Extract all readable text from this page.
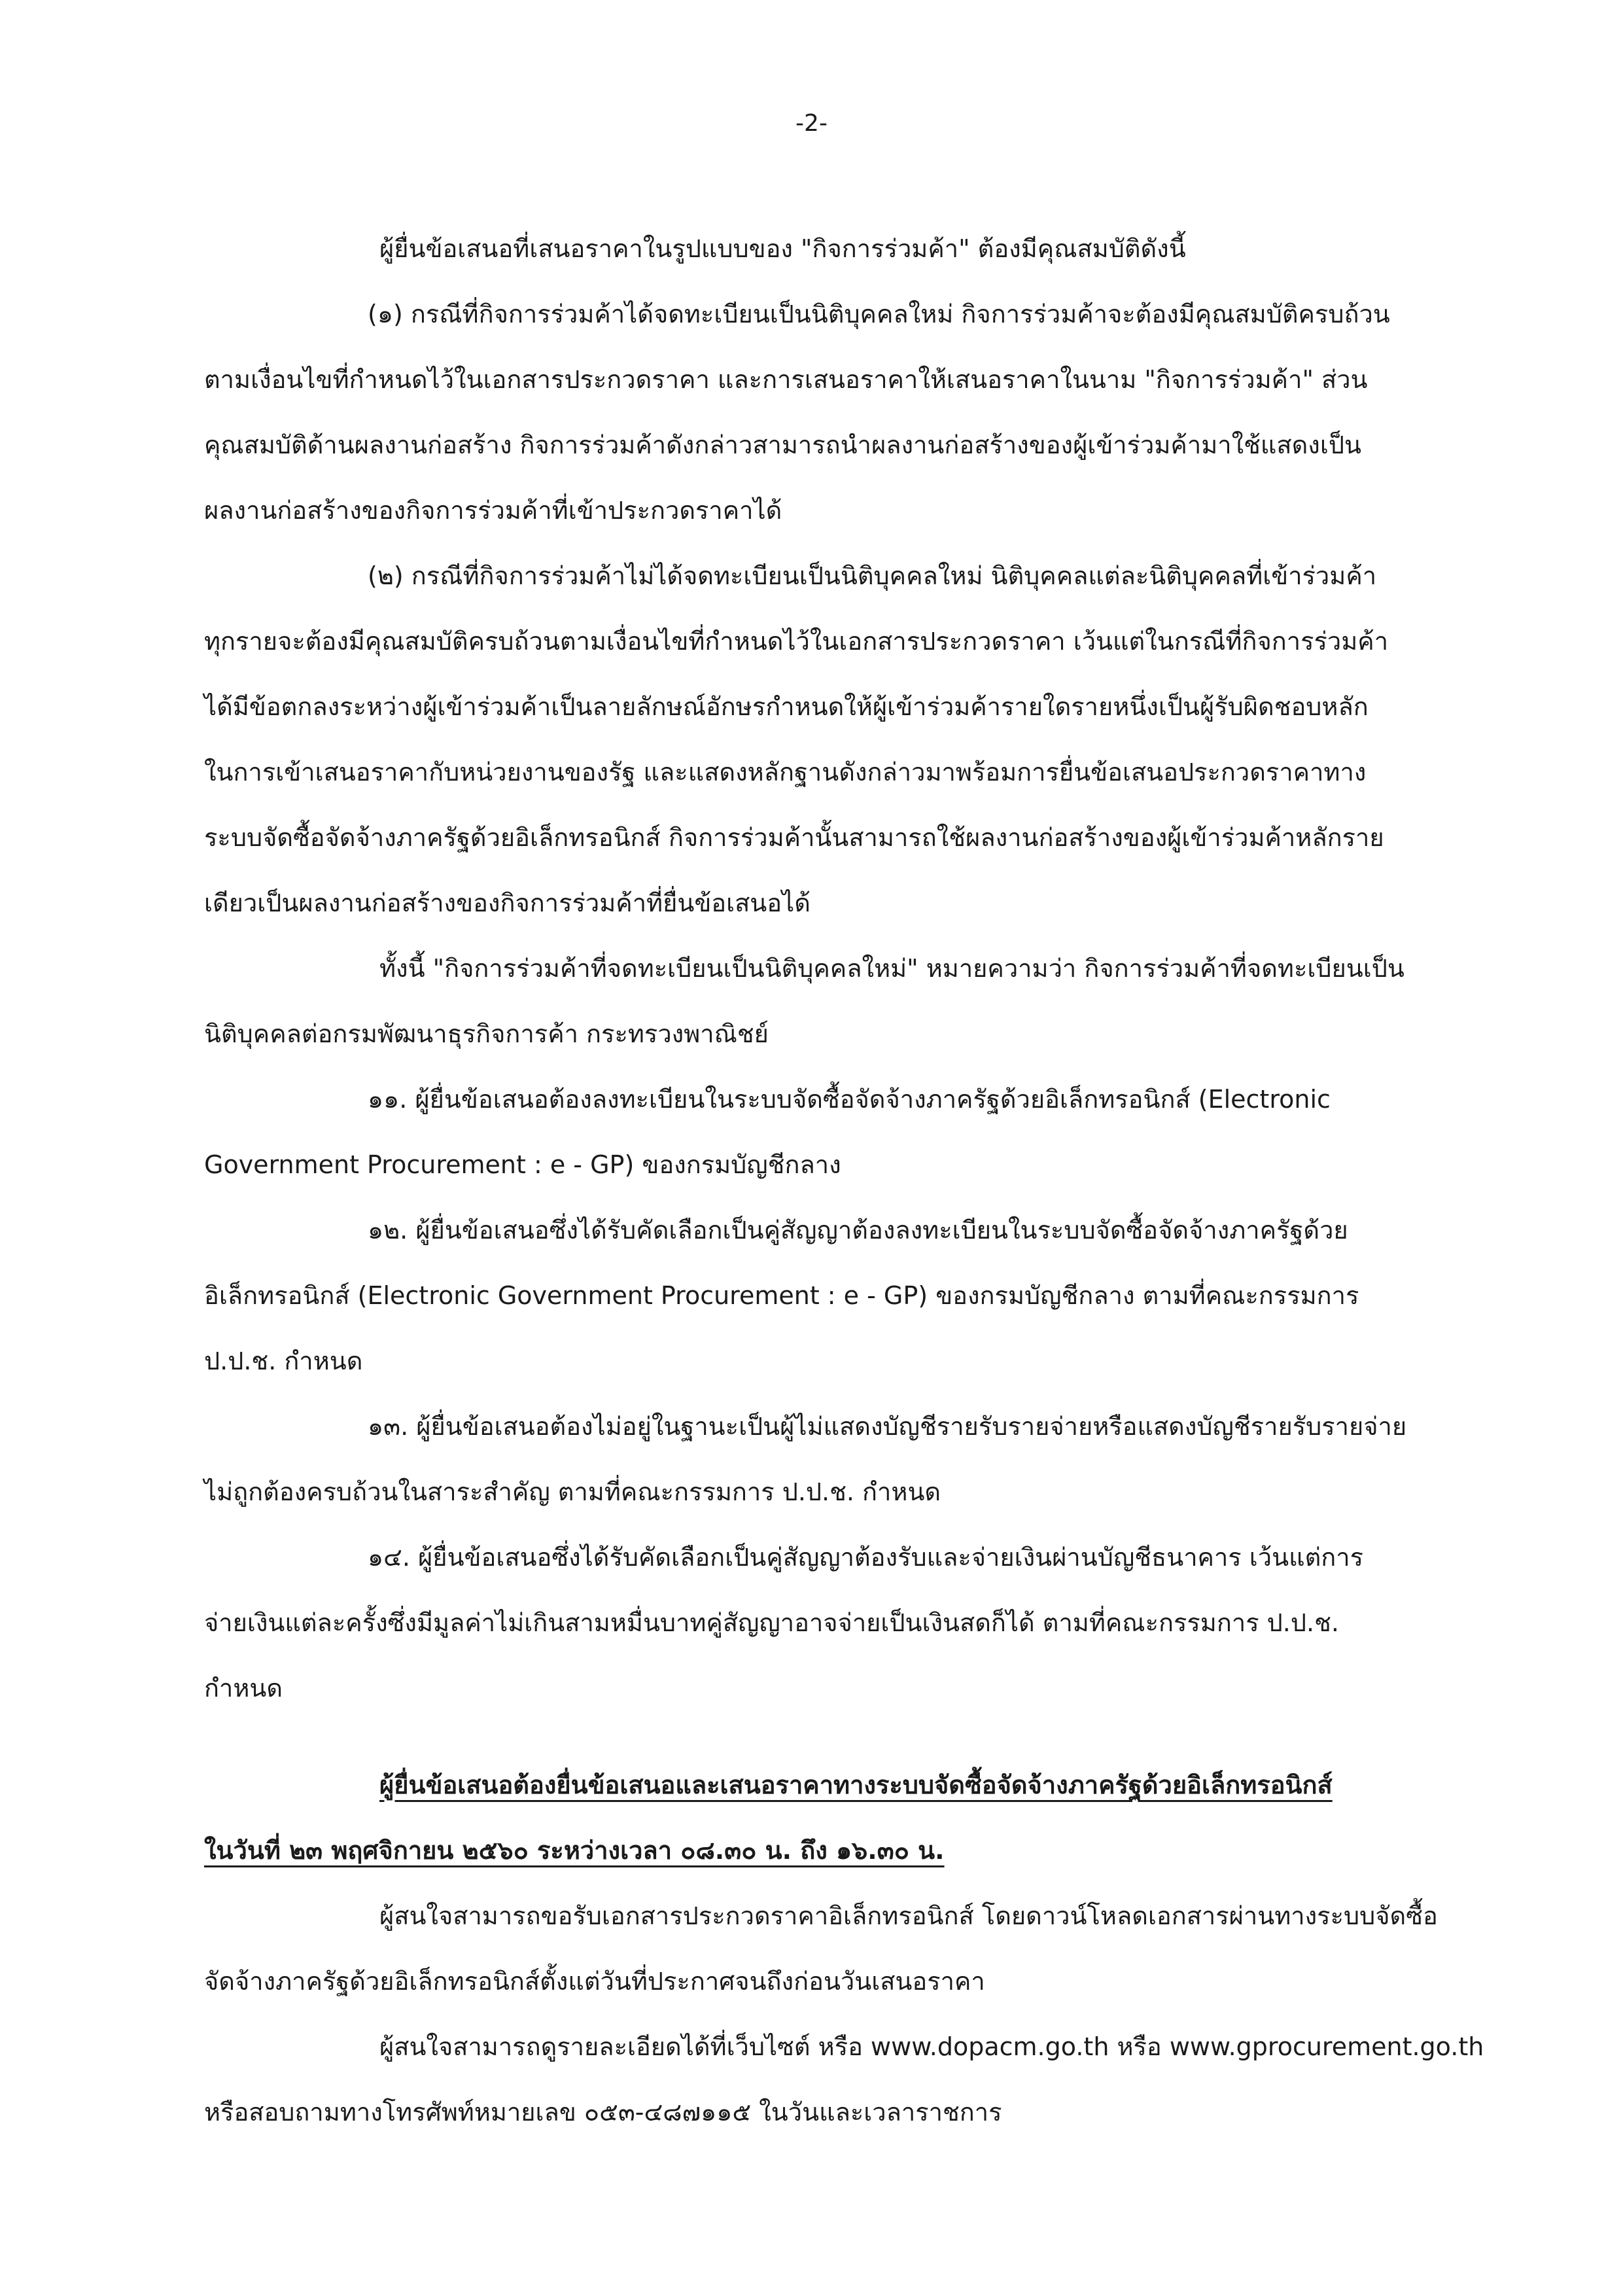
-2-

ผู้ยื่นข้อเสนอที่เสนอราคาในรูปแบบของ "กิจการร่วมค้า" ต้องมีคุณสมบัติดังนี้

(๑) กรณีที่กิจการร่วมค้าได้จดทะเบียนเป็นนิติบุคคลใหม่ กิจการร่วมค้าจะต้องมีคุณสมบัติครบถ้วน

ตามเงื่อนไขที่กำหนดไว้ในเอกสารประกวดราคา และการเสนอราคาให้เสนอราคาในนาม "กิจการร่วมค้า" ส่วน

คุณสมบัติด้านผลงานก่อสร้าง กิจการร่วมค้าดังกล่าวสามารถนำผลงานก่อสร้างของผู้เข้าร่วมค้ามาใช้แสดงเป็น

ผลงานก่อสร้างของกิจการร่วมค้าที่เข้าประกวดราคาได้

(๒) กรณีที่กิจการร่วมค้าไม่ได้จดทะเบียนเป็นนิติบุคคลใหม่ นิติบุคคลแต่ละนิติบุคคลที่เข้าร่วมค้า

ทุกรายจะต้องมีคุณสมบัติครบถ้วนตามเงื่อนไขที่กำหนดไว้ในเอกสารประกวดราคา เว้นแต่ในกรณีที่กิจการร่วมค้า

ได้มีข้อตกลงระหว่างผู้เข้าร่วมค้าเป็นลายลักษณ์อักษรกำหนดให้ผู้เข้าร่วมค้ารายใดรายหนึ่งเป็นผู้รับผิดชอบหลัก

ในการเข้าเสนอราคากับหน่วยงานของรัฐ และแสดงหลักฐานดังกล่าวมาพร้อมการยื่นข้อเสนอประกวดราคาทาง

ระบบจัดซื้อจัดจ้างภาครัฐด้วยอิเล็กทรอนิกส์ กิจการร่วมค้านั้นสามารถใช้ผลงานก่อสร้างของผู้เข้าร่วมค้าหลักราย

เดียวเป็นผลงานก่อสร้างของกิจการร่วมค้าที่ยื่นข้อเสนอได้

ทั้งนี้ "กิจการร่วมค้าที่จดทะเบียนเป็นนิติบุคคลใหม่" หมายความว่า กิจการร่วมค้าที่จดทะเบียนเป็น

นิติบุคคลต่อกรมพัฒนาธุรกิจการค้า กระทรวงพาณิชย์

๑๑. ผู้ยื่นข้อเสนอต้องลงทะเบียนในระบบจัดซื้อจัดจ้างภาครัฐด้วยอิเล็กทรอนิกส์ (Electronic

Government Procurement : e - GP) ของกรมบัญชีกลาง

๑๒. ผู้ยื่นข้อเสนอซึ่งได้รับคัดเลือกเป็นคู่สัญญาต้องลงทะเบียนในระบบจัดซื้อจัดจ้างภาครัฐด้วย

อิเล็กทรอนิกส์ (Electronic Government Procurement : e - GP) ของกรมบัญชีกลาง ตามที่คณะกรรมการ

ป.ป.ช. กำหนด

๑๓. ผู้ยื่นข้อเสนอต้องไม่อยู่ในฐานะเป็นผู้ไม่แสดงบัญชีรายรับรายจ่ายหรือแสดงบัญชีรายรับรายจ่าย

ไม่ถูกต้องครบถ้วนในสาระสำคัญ ตามที่คณะกรรมการ ป.ป.ช. กำหนด

๑๔. ผู้ยื่นข้อเสนอซึ่งได้รับคัดเลือกเป็นคู่สัญญาต้องรับและจ่ายเงินผ่านบัญชีธนาคาร เว้นแต่การ

จ่ายเงินแต่ละครั้งซึ่งมีมูลค่าไม่เกินสามหมื่นบาทคู่สัญญาอาจจ่ายเป็นเงินสดก็ได้ ตามที่คณะกรรมการ ป.ป.ช.

กำหนด

ผู้ยื่นข้อเสนอต้องยื่นข้อเสนอและเสนอราคาทางระบบจัดซื้อจัดจ้างภาครัฐด้วยอิเล็กทรอนิกส์

ในวันที่ ๒๓ พฤศจิกายน ๒๕๖๐ ระหว่างเวลา ๐๘.๓๐ น. ถึง ๑๖.๓๐ น.

ผู้สนใจสามารถขอรับเอกสารประกวดราคาอิเล็กทรอนิกส์ โดยดาวน์โหลดเอกสารผ่านทางระบบจัดซื้อ

จัดจ้างภาครัฐด้วยอิเล็กทรอนิกส์ตั้งแต่วันที่ประกาศจนถึงก่อนวันเสนอราคา

ผู้สนใจสามารถดูรายละเอียดได้ที่เว็บไซต์ หรือ www.dopacm.go.th หรือ www.gprocurement.go.th

หรือสอบถามทางโทรศัพท์หมายเลข ๐๕๓-๔๘๗๑๑๕ ในวันและเวลาราชการ
